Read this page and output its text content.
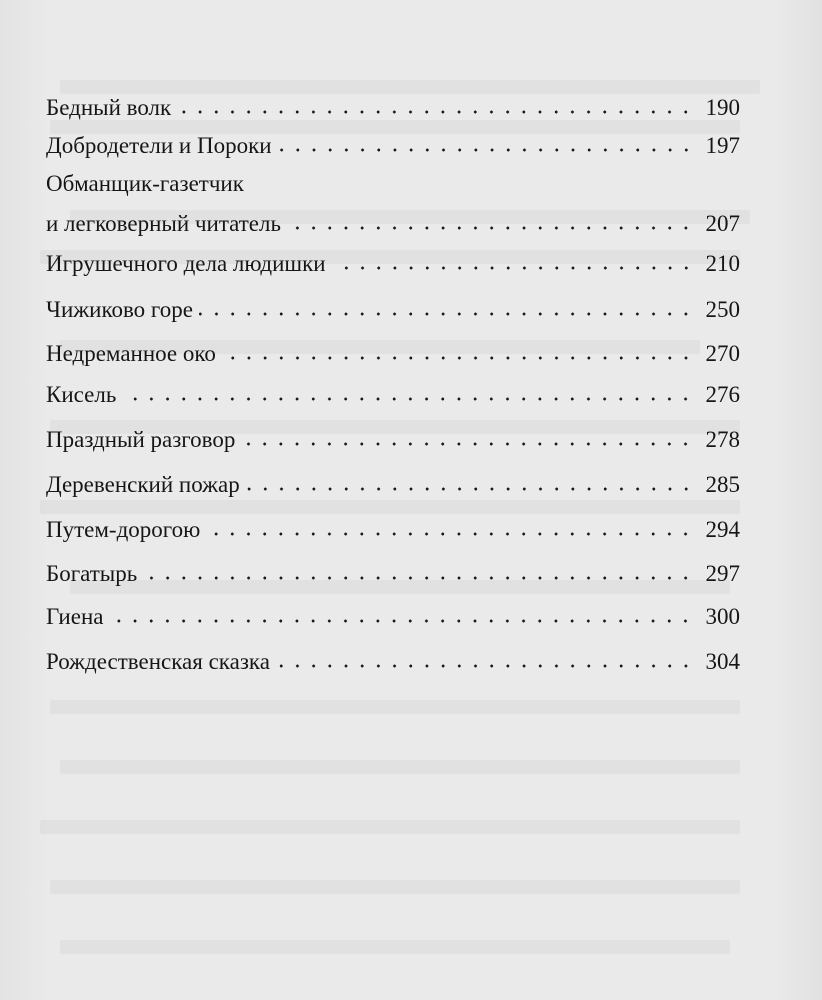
Бедный волк	190
Добродетели и Пороки	197
Обманщик-газетчик
и легковерный читатель	207
Игрушечного дела людишки	210
Чижиково горе	250
Недреманное око	270
Кисель	276
Праздный разговор	278
Деревенский пожар	285
Путем-дорогою	294
Богатырь	297
Гиена	300
Рождественская сказка	304
